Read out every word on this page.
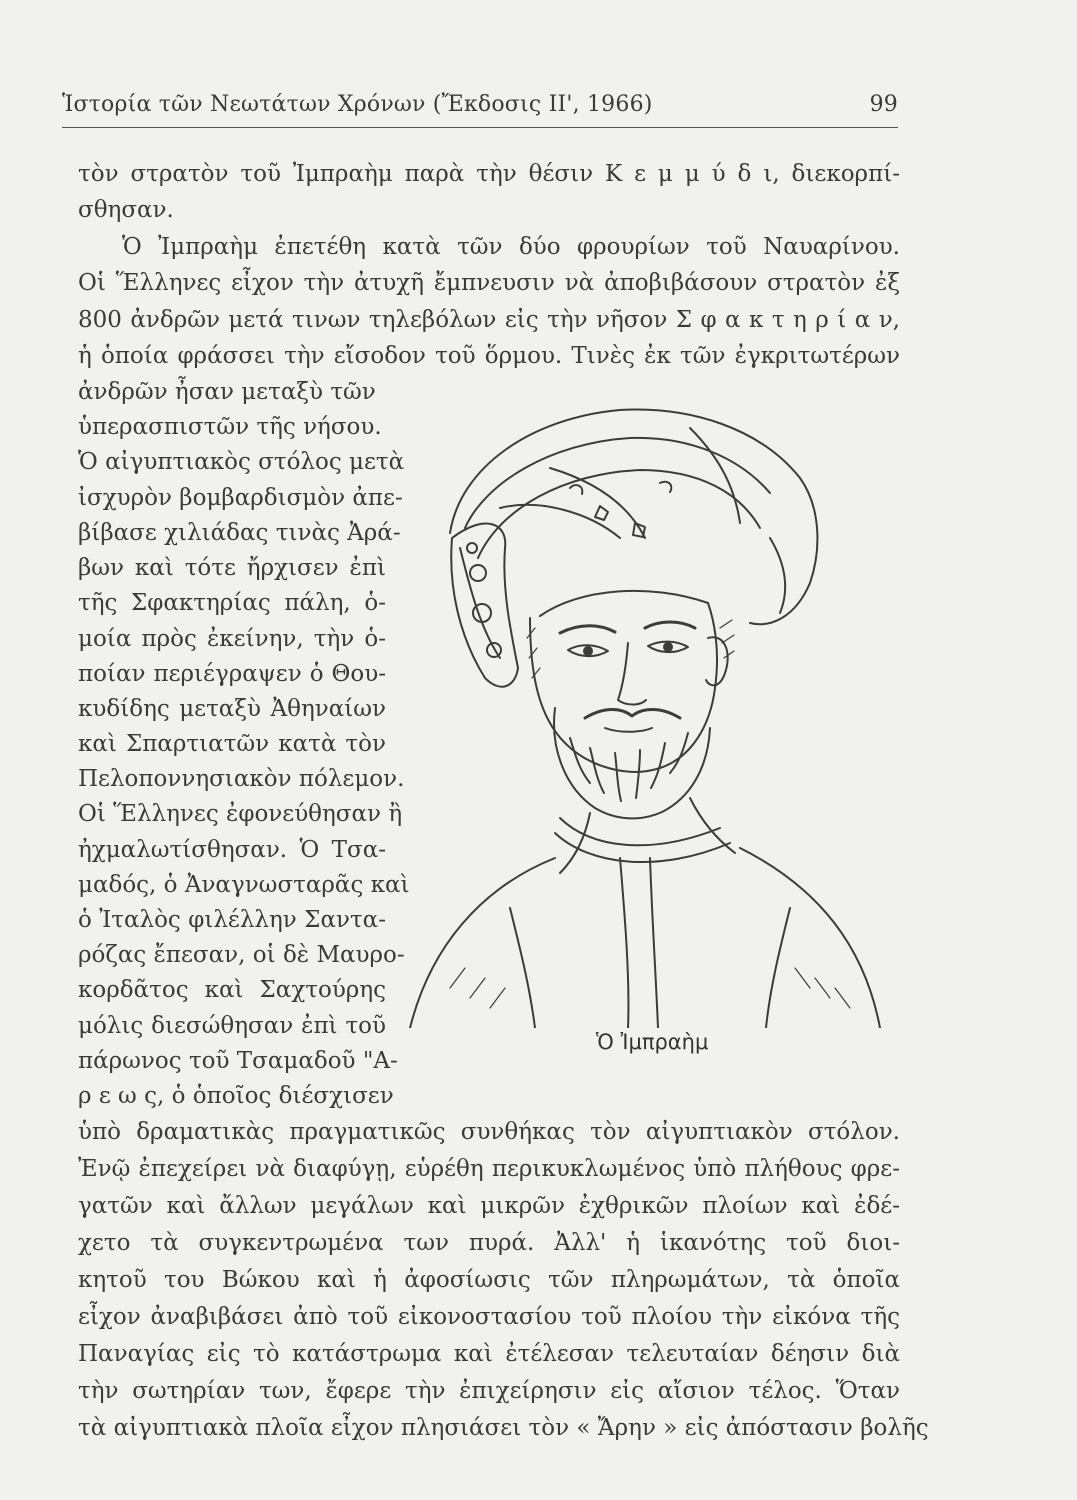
Ἱστορία τῶν Νεωτάτων Χρόνων (Ἔκδοσις ΙΙ', 1966)	99
τὸν στρατὸν τοῦ Ἰμπραὴμ παρὰ τὴν θέσιν Κ ε μ μ ύ δ ι, διεκορπί-
σθησαν.
Ὁ Ἰμπραὴμ ἐπετέθη κατὰ τῶν δύο φρουρίων τοῦ Ναυαρίνου.
Οἱ Ἕλληνες εἶχον τὴν ἀτυχῆ ἔμπνευσιν νὰ ἀποβιβάσουν στρατὸν ἐξ
800 ἀνδρῶν μετά τινων τηλεβόλων εἰς τὴν νῆσον Σ φ α κ τ η ρ ί α ν,
ἡ ὁποία φράσσει τὴν εἴσοδον τοῦ ὅρμου. Τινὲς ἐκ τῶν ἐγκριτωτέρων
ἀνδρῶν ἦσαν μεταξὺ τῶν
ὑπερασπιστῶν τῆς νήσου.
Ὁ αἰγυπτιακὸς στόλος μετὰ
ἰσχυρὸν βομβαρδισμὸν ἀπε-
βίβασε χιλιάδας τινὰς Ἀρά-
βων καὶ τότε ἤρχισεν ἐπὶ
τῆς Σφακτηρίας πάλη, ὁ-
μοία πρὸς ἐκείνην, τὴν ὁ-
ποίαν περιέγραψεν ὁ Θου-
κυδίδης μεταξὺ Ἀθηναίων
καὶ Σπαρτιατῶν κατὰ τὸν
Πελοποννησιακὸν πόλεμον.
Οἱ Ἕλληνες ἐφονεύθησαν ἢ
ἠχμαλωτίσθησαν. Ὁ Τσα-
μαδός, ὁ Ἀναγνωσταρᾶς καὶ
ὁ Ἰταλὸς φιλέλλην Σαντα-
ρόζας ἔπεσαν, οἱ δὲ Μαυρο-
κορδᾶτος καὶ Σαχτούρης
μόλις διεσώθησαν ἐπὶ τοῦ
πάρωνος τοῦ Τσαμαδοῦ "Α-
ρ ε ω ς, ὁ ὁποῖος διέσχισεν
ὑπὸ δραματικὰς πραγματικῶς συνθήκας τὸν αἰγυπτιακὸν στόλον.
Ἐνῷ ἐπεχείρει νὰ διαφύγῃ, εὑρέθη περικυκλωμένος ὑπὸ πλήθους φρε-
γατῶν καὶ ἄλλων μεγάλων καὶ μικρῶν ἐχθρικῶν πλοίων καὶ ἐδέ-
χετο τὰ συγκεντρωμένα των πυρά. Ἀλλ' ἡ ἱκανότης τοῦ διοι-
κητοῦ του Βώκου καὶ ἡ ἀφοσίωσις τῶν πληρωμάτων, τὰ ὁποῖα
εἶχον ἀναβιβάσει ἀπὸ τοῦ εἰκονοστασίου τοῦ πλοίου τὴν εἰκόνα τῆς
Παναγίας εἰς τὸ κατάστρωμα καὶ ἐτέλεσαν τελευταίαν δέησιν διὰ
τὴν σωτηρίαν των, ἔφερε τὴν ἐπιχείρησιν εἰς αἴσιον τέλος. Ὅταν
τὰ αἰγυπτιακὰ πλοῖα εἶχον πλησιάσει τὸν « Ἄρην » εἰς ἀπόστασιν βολῆς
Ὁ Ἰμπραὴμ
